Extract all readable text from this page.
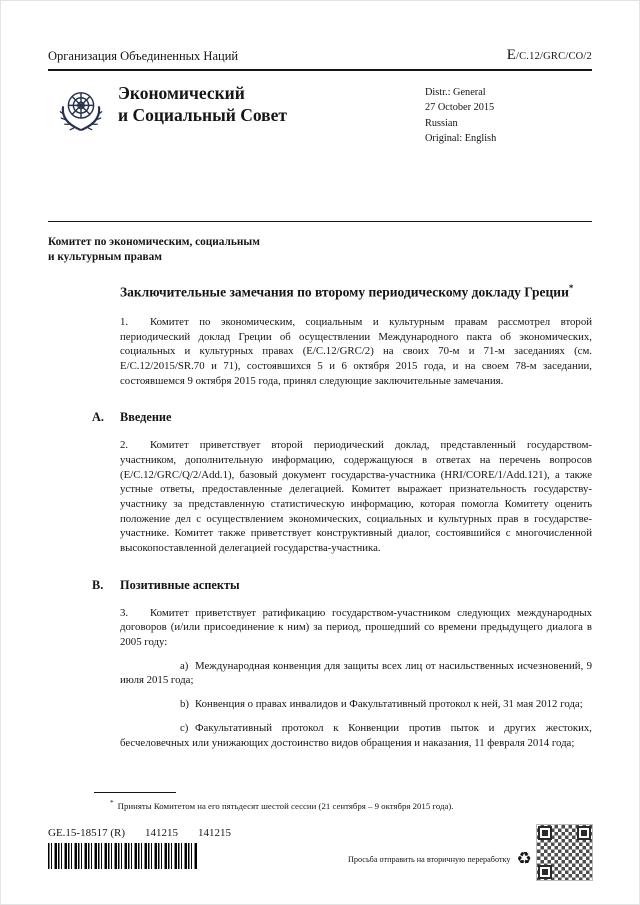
Организация Объединенных Наций	E/C.12/GRC/CO/2
Экономический
и Социальный Совет
Distr.: General
27 October 2015
Russian
Original: English
Комитет по экономическим, социальным
и культурным правам
Заключительные замечания по второму периодическому докладу Греции*

1. Комитет по экономическим, социальным и культурным правам рассмотрел второй периодический доклад Греции об осуществлении Международного пакта об экономических, социальных и культурных правах (E/C.12/GRC/2) на своих 70-м и 71-м заседаниях (см. E/C.12/2015/SR.70 и 71), состоявшихся 5 и 6 октября 2015 года, и на своем 78-м заседании, состоявшемся 9 октября 2015 года, принял следующие заключительные замечания.

A. Введение

2. Комитет приветствует второй периодический доклад, представленный государством-участником, дополнительную информацию, содержащуюся в ответах на перечень вопросов (E/C.12/GRC/Q/2/Add.1), базовый документ государства-участника (HRI/CORE/1/Add.121), а также устные ответы, предоставленные делегацией. Комитет выражает признательность государству-участнику за представленную статистическую информацию, которая помогла Комитету оценить положение дел с осуществлением экономических, социальных и культурных прав в государстве-участнике. Комитет также приветствует конструктивный диалог, состоявшийся с многочисленной высокопоставленной делегацией государства-участника.

B. Позитивные аспекты

3. Комитет приветствует ратификацию государством-участником следующих международных договоров (и/или присоединение к ним) за период, прошедший со времени предыдущего диалога в 2005 году:

a) Международная конвенция для защиты всех лиц от насильственных исчезновений, 9 июля 2015 года;

b) Конвенция о правах инвалидов и Факультативный протокол к ней, 31 мая 2012 года;

c) Факультативный протокол к Конвенции против пыток и других жестоких, бесчеловечных или унижающих достоинство видов обращения и наказания, 11 февраля 2014 года;

* Приняты Комитетом на его пятьдесят шестой сессии (21 сентября – 9 октября 2015 года).

GE.15-18517 (R) 141215 141215
Просьба отправить на вторичную переработку ♻
